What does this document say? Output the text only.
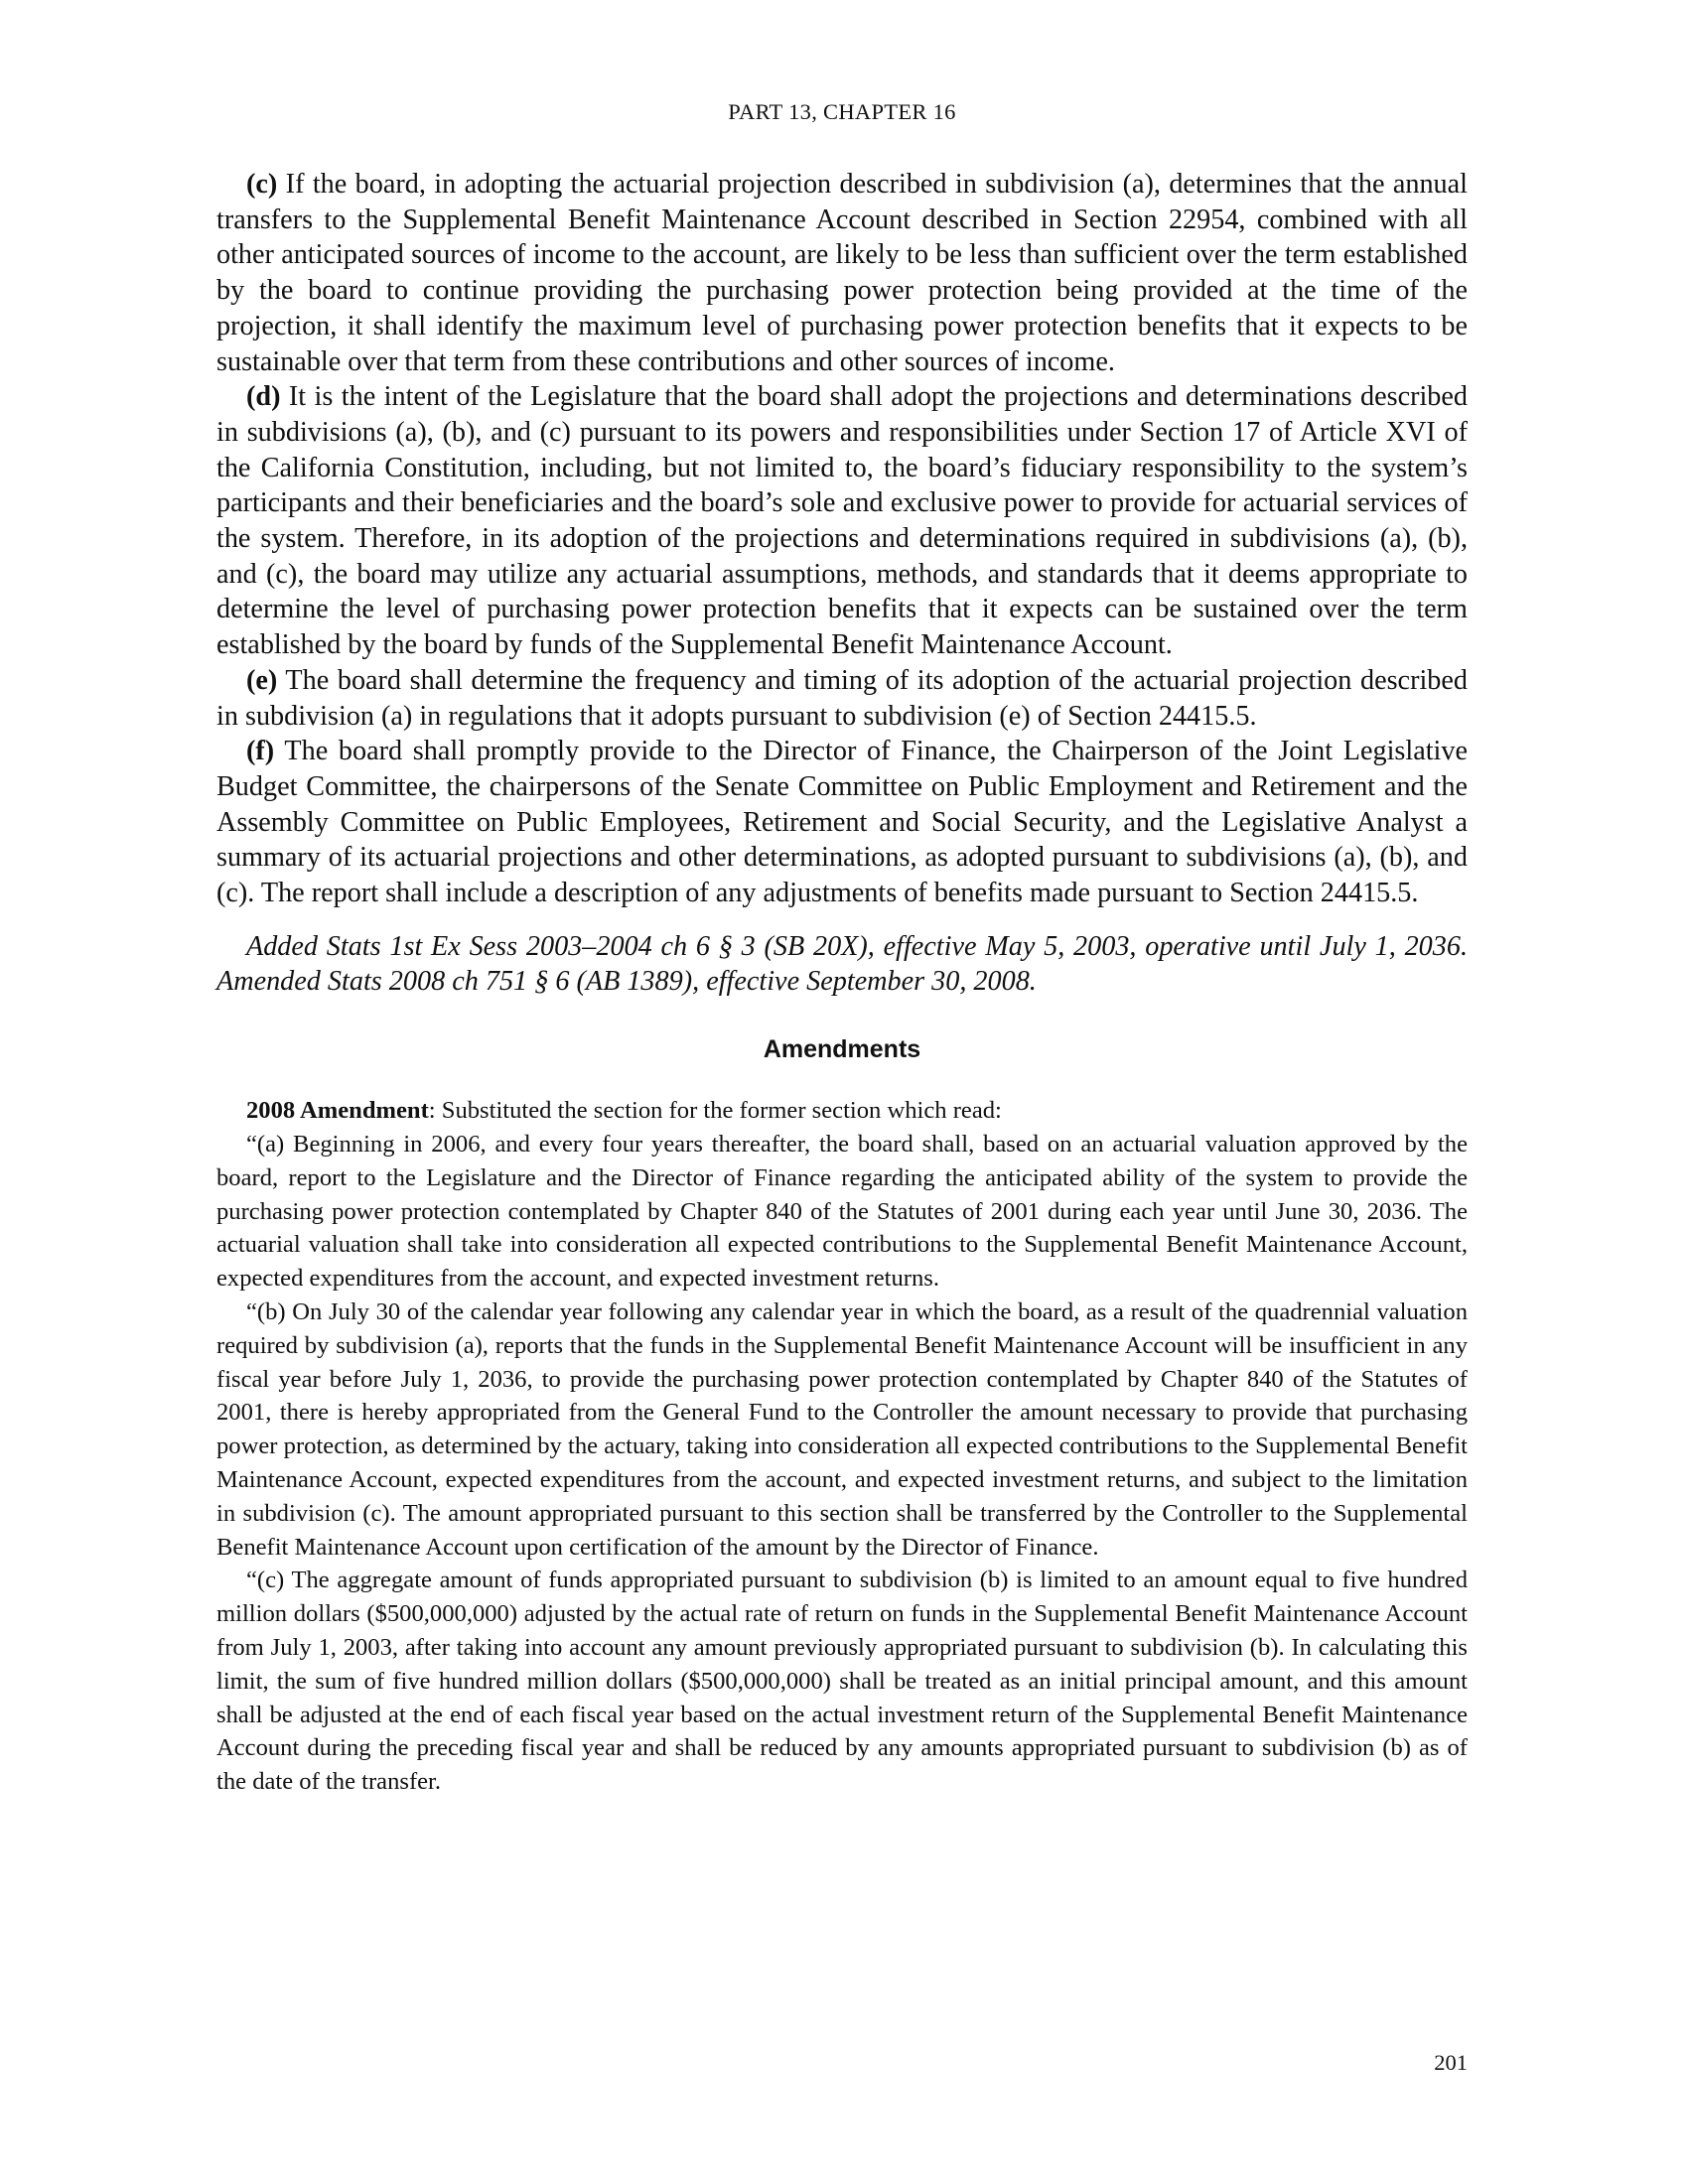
PART 13, CHAPTER 16

(c) If the board, in adopting the actuarial projection described in subdivision (a), determines that the annual transfers to the Supplemental Benefit Maintenance Account described in Section 22954, combined with all other anticipated sources of income to the account, are likely to be less than sufficient over the term established by the board to continue providing the purchasing power protection being provided at the time of the projection, it shall identify the maximum level of purchasing power protection benefits that it expects to be sustainable over that term from these contributions and other sources of income.

(d) It is the intent of the Legislature that the board shall adopt the projections and determinations described in subdivisions (a), (b), and (c) pursuant to its powers and responsibilities under Section 17 of Article XVI of the California Constitution, including, but not limited to, the board’s fiduciary responsibility to the system’s participants and their beneficiaries and the board’s sole and exclusive power to provide for actuarial services of the system. Therefore, in its adoption of the projections and determinations required in subdivisions (a), (b), and (c), the board may utilize any actuarial assumptions, methods, and standards that it deems appropriate to determine the level of purchasing power protection benefits that it expects can be sustained over the term established by the board by funds of the Supplemental Benefit Maintenance Account.

(e) The board shall determine the frequency and timing of its adoption of the actuarial projection described in subdivision (a) in regulations that it adopts pursuant to subdivision (e) of Section 24415.5.

(f) The board shall promptly provide to the Director of Finance, the Chairperson of the Joint Legislative Budget Committee, the chairpersons of the Senate Committee on Public Employment and Retirement and the Assembly Committee on Public Employees, Retirement and Social Security, and the Legislative Analyst a summary of its actuarial projections and other determinations, as adopted pursuant to subdivisions (a), (b), and (c). The report shall include a description of any adjustments of benefits made pursuant to Section 24415.5.

Added Stats 1st Ex Sess 2003–2004 ch 6 § 3 (SB 20X), effective May 5, 2003, operative until July 1, 2036. Amended Stats 2008 ch 751 § 6 (AB 1389), effective September 30, 2008.

Amendments

2008 Amendment: Substituted the section for the former section which read:

“(a) Beginning in 2006, and every four years thereafter, the board shall, based on an actuarial valuation approved by the board, report to the Legislature and the Director of Finance regarding the anticipated ability of the system to provide the purchasing power protection contemplated by Chapter 840 of the Statutes of 2001 during each year until June 30, 2036. The actuarial valuation shall take into consideration all expected contributions to the Supplemental Benefit Maintenance Account, expected expenditures from the account, and expected investment returns.

“(b) On July 30 of the calendar year following any calendar year in which the board, as a result of the quadrennial valuation required by subdivision (a), reports that the funds in the Supplemental Benefit Maintenance Account will be insufficient in any fiscal year before July 1, 2036, to provide the purchasing power protection contemplated by Chapter 840 of the Statutes of 2001, there is hereby appropriated from the General Fund to the Controller the amount necessary to provide that purchasing power protection, as determined by the actuary, taking into consideration all expected contributions to the Supplemental Benefit Maintenance Account, expected expenditures from the account, and expected investment returns, and subject to the limitation in subdivision (c). The amount appropriated pursuant to this section shall be transferred by the Controller to the Supplemental Benefit Maintenance Account upon certification of the amount by the Director of Finance.

“(c) The aggregate amount of funds appropriated pursuant to subdivision (b) is limited to an amount equal to five hundred million dollars ($500,000,000) adjusted by the actual rate of return on funds in the Supplemental Benefit Maintenance Account from July 1, 2003, after taking into account any amount previously appropriated pursuant to subdivision (b). In calculating this limit, the sum of five hundred million dollars ($500,000,000) shall be treated as an initial principal amount, and this amount shall be adjusted at the end of each fiscal year based on the actual investment return of the Supplemental Benefit Maintenance Account during the preceding fiscal year and shall be reduced by any amounts appropriated pursuant to subdivision (b) as of the date of the transfer.

201
